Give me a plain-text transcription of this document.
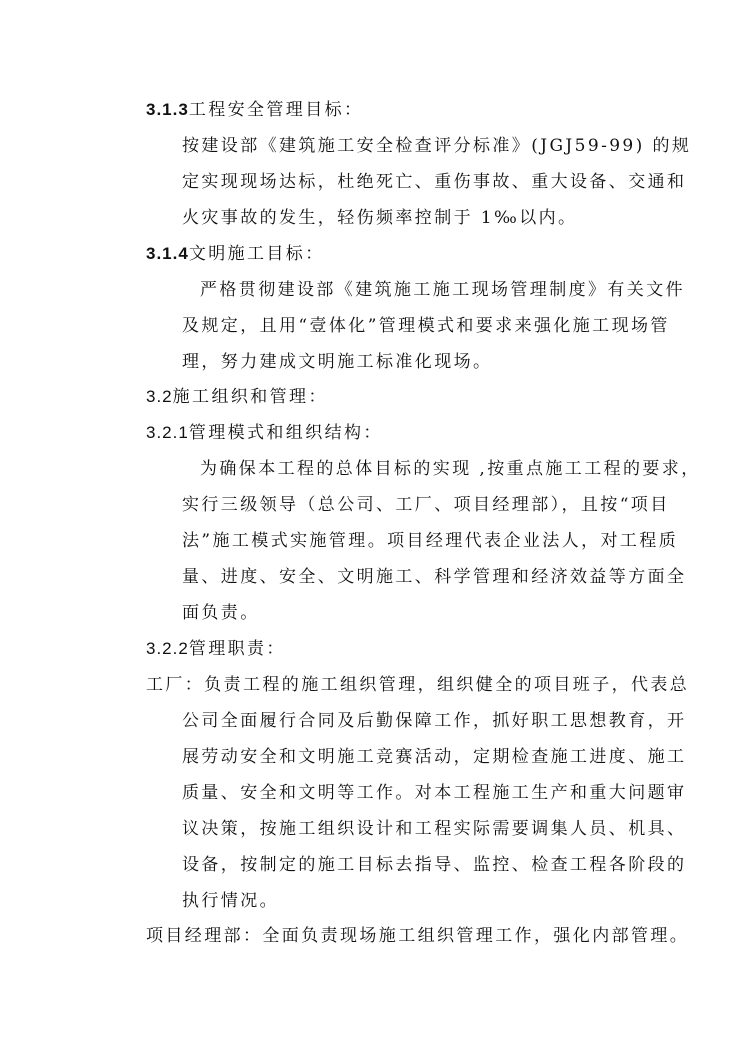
3.1.3工程安全管理目标：
按建设部《建筑施工安全检查评分标准》(JGJ59-99) 的规
定实现现场达标，杜绝死亡、重伤事故、重大设备、交通和
火灾事故的发生，轻伤频率控制于 1‰以内。
3.1.4文明施工目标：
严格贯彻建设部《建筑施工施工现场管理制度》有关文件
及规定，且用“壹体化”管理模式和要求来强化施工现场管
理，努力建成文明施工标准化现场。
3.2施工组织和管理：
3.2.1管理模式和组织结构：
为确保本工程的总体目标的实现 ,按重点施工工程的要求，
实行三级领导（总公司、工厂、项目经理部），且按“项目
法”施工模式实施管理。项目经理代表企业法人，对工程质
量、进度、安全、文明施工、科学管理和经济效益等方面全
面负责。
3.2.2管理职责：
工厂：负责工程的施工组织管理，组织健全的项目班子，代表总
公司全面履行合同及后勤保障工作，抓好职工思想教育，开
展劳动安全和文明施工竞赛活动，定期检查施工进度、施工
质量、安全和文明等工作。对本工程施工生产和重大问题审
议决策，按施工组织设计和工程实际需要调集人员、机具、
设备，按制定的施工目标去指导、监控、检查工程各阶段的
执行情况。
项目经理部：全面负责现场施工组织管理工作，强化内部管理。
